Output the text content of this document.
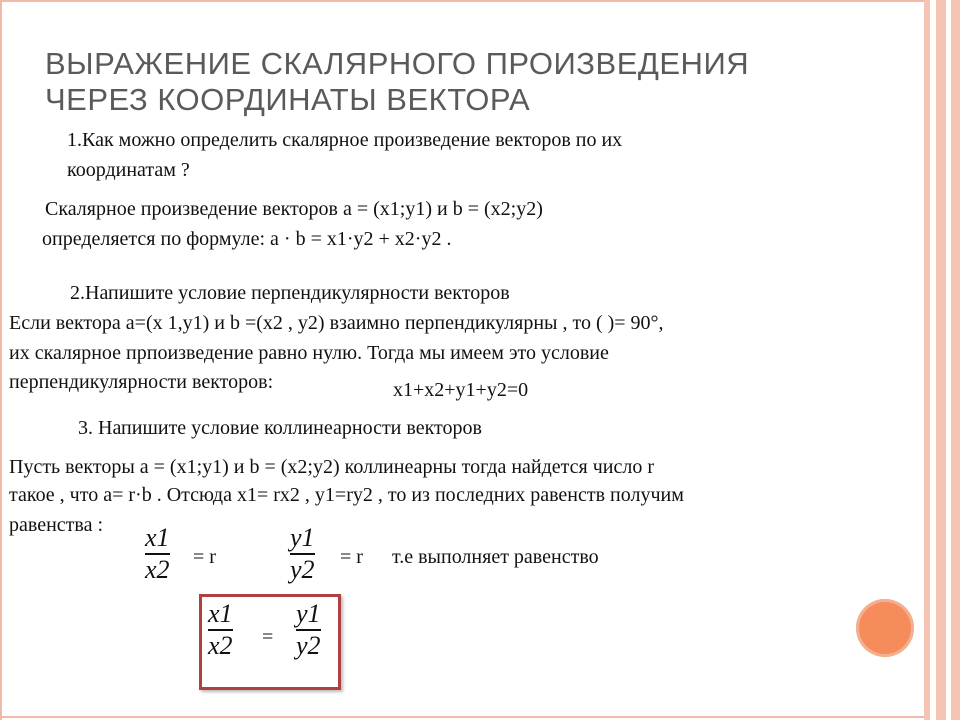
ВЫРАЖЕНИЕ СКАЛЯРНОГО ПРОИЗВЕДЕНИЯ
ЧЕРЕЗ КООРДИНАТЫ ВЕКТОРА
1.Как можно определить скалярное произведение векторов по их
координатам ?
Скалярное произведение векторов a = (x1;y1) и b = (x2;y2)
определяется по формуле: a · b = x1·y2 + x2·y2 .
2.Напишите условие перпендикулярности векторов
Если вектора a=(x 1,y1) и b =(x2 , y2) взаимно перпендикулярны , то ( )= 90°,
их скалярное прпоизведение равно нулю. Тогда мы имеем это условие
перпендикулярности векторов:	x1+x2+y1+y2=0
3. Напишите условие коллинеарности векторов
Пусть векторы a = (x1;y1) и b = (x2;y2) коллинеарны тогда найдется число r
такое , что a= r·b . Отсюда x1= rx2 , y1=ry2 , то из последних равенств получим
равенства : x1
x2 = r
y1
y2 = r т.е выполняет равенство
x1
x2 =
y1
y2
